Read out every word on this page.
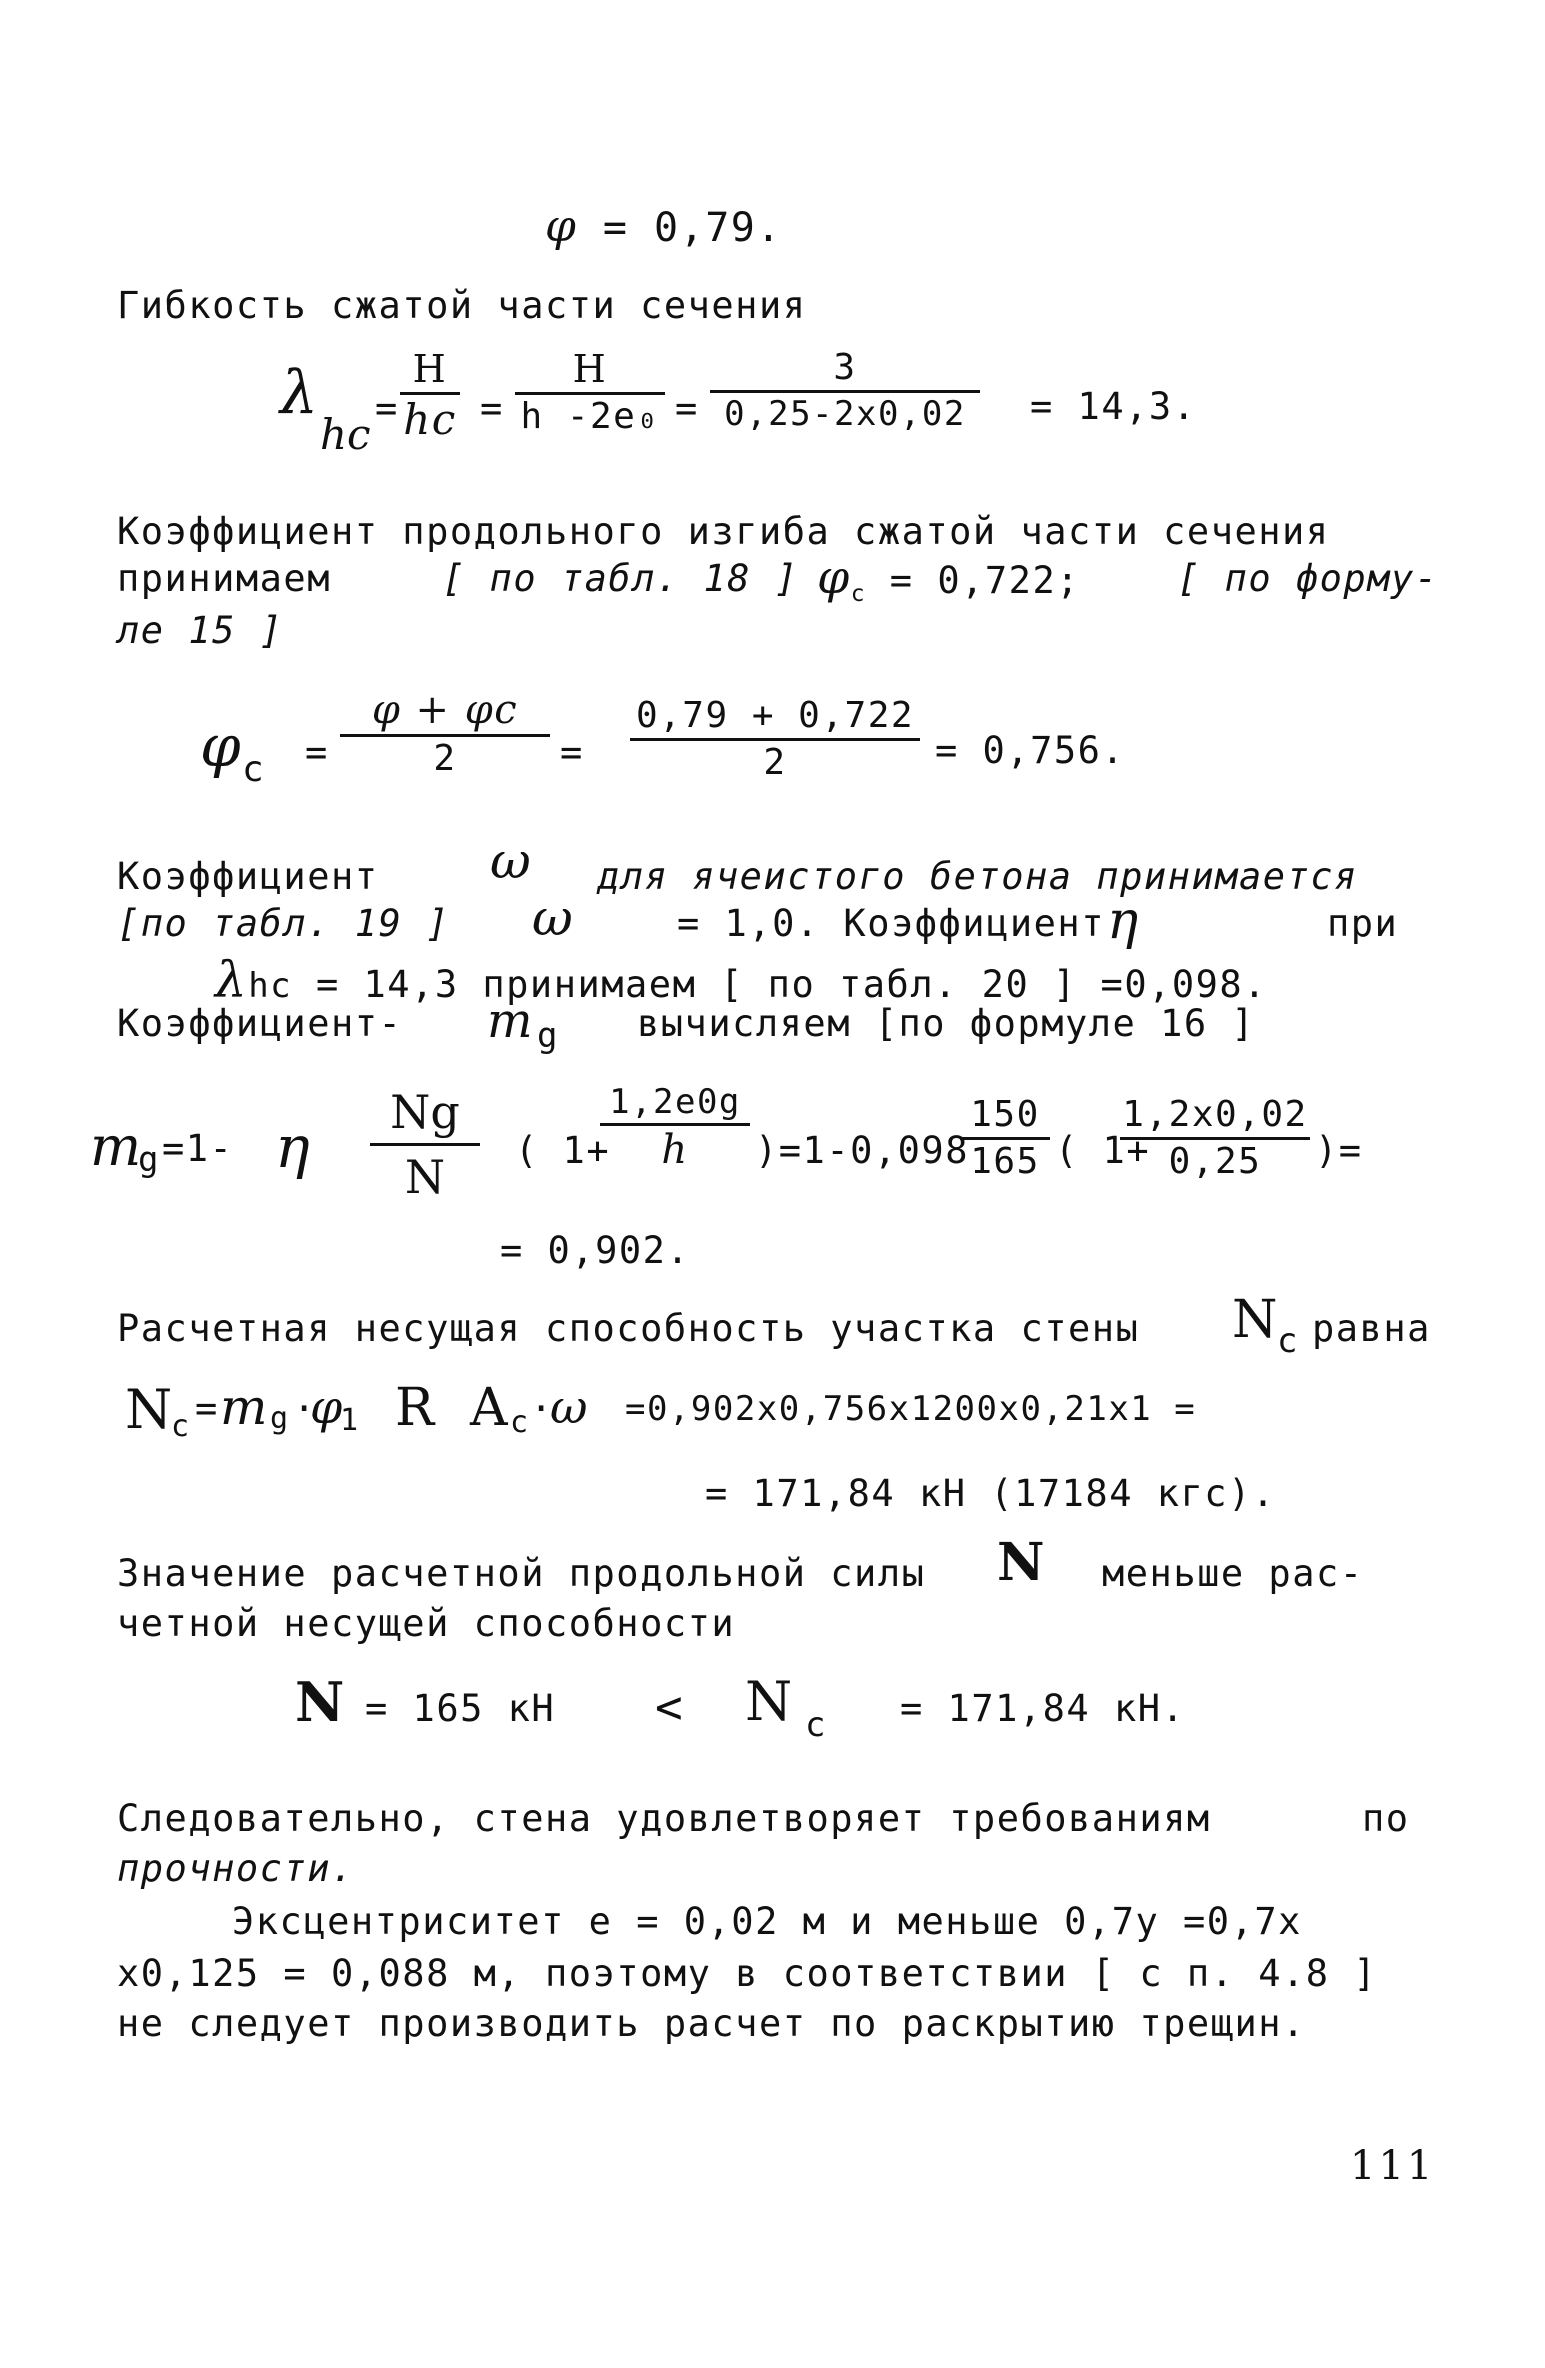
φ = 0,79.
Гибкость сжатой части сечения
λ
hc
=
H
hc =
H
h -2e₀ =
3
0,25-2x0,02 = 14,3.
Коэффициент продольного изгиба сжатой части сечения
принимаем	[ по табл. 18 ] $\varphi_c = 0,722$;	[ по форму-
ле 15 ]
φ c =
φ + φc
2	=
0,79 + 0,722
2	= 0,756.
Коэффициент ω для ячеистого бетона принимается
[по табл. 19 ] ω	= 1,0. Коэффициент η	при
λhc = 14,3 принимаем [ по табл. 20 ] =0,098.
Коэффициент- m g вычисляем [по формуле 16 ]
m
g =1- η
Ng
N ( 1+
1,2e0g
h )=1-0,098
150
165 ( 1+
1,2x0,02
0,25 )=
= 0,902.
Расчетная несущая способность участка стены N
c равна
N
c = m g ·
φ
1 R A c ·
ω =0,902x0,756x1200x0,21x1 =
= 171,84 кН (17184 кгс).
Значение расчетной продольной силы N меньше рас-
четной несущей способности
N = 165 кН < N c = 171,84 кН.
Следовательно, стена удовлетворяет требованиям	по
прочности.
Эксцентриситет е = 0,02 м и меньше 0,7y =0,7x
x0,125 = 0,088 м, поэтому в соответствии [ с п. 4.8 ]
не следует производить расчет по раскрытию трещин.
111
